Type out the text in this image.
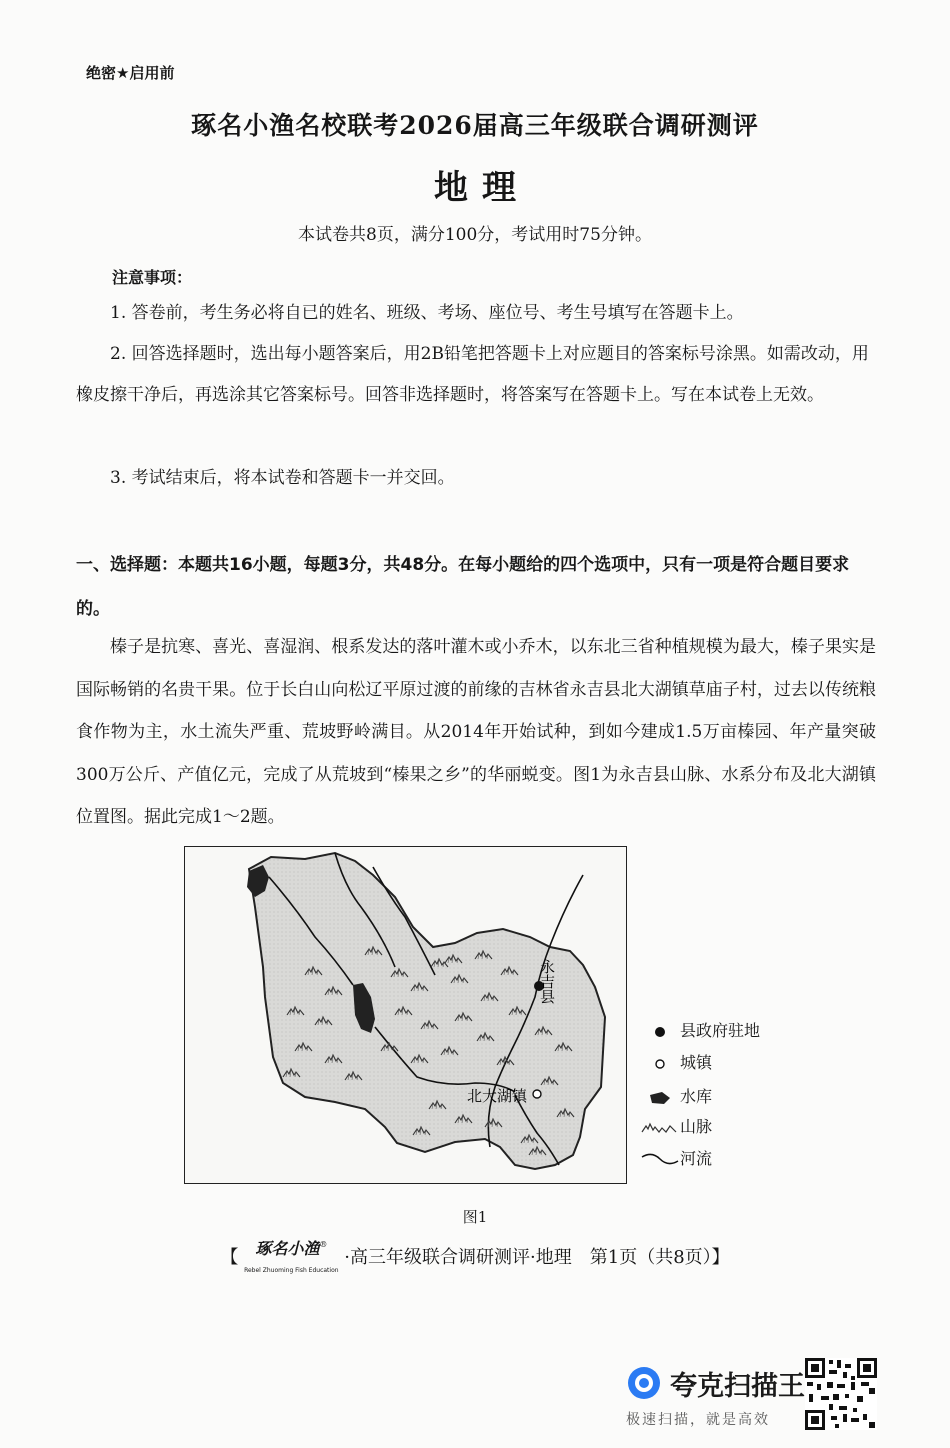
绝密★启用前
琢名小渔名校联考2026届高三年级联合调研测评
地理
本试卷共8页，满分100分，考试用时75分钟。
注意事项：
1. 答卷前，考生务必将自已的姓名、班级、考场、座位号、考生号填写在答题卡上。
2. 回答选择题时，选出每小题答案后，用2B铅笔把答题卡上对应题目的答案标号涂黑。如需改动，用橡皮擦干净后，再选涂其它答案标号。回答非选择题时，将答案写在答题卡上。写在本试卷上无效。
3. 考试结束后，将本试卷和答题卡一并交回。
一、选择题：本题共16小题，每题3分，共48分。在每小题给的四个选项中，只有一项是符合题目要求的。
榛子是抗寒、喜光、喜湿润、根系发达的落叶灌木或小乔木，以东北三省种植规模为最大，榛子果实是国际畅销的名贵干果。位于长白山向松辽平原过渡的前缘的吉林省永吉县北大湖镇草庙子村，过去以传统粮食作物为主，水土流失严重、荒坡野岭满目。从2014年开始试种，到如今建成1.5万亩榛园、年产量突破300万公斤、产值亿元，完成了从荒坡到“榛果之乡”的华丽蜕变。图1为永吉县山脉、水系分布及北大湖镇位置图。据此完成1～2题。
永吉县
北大湖镇
县政府驻地
城镇
水库
山脉
河流
图1
【 琢名小渔®
Rebel Zhuoming Fish Education ·高三年级联合调研测评·地理　第1页（共8页）】
夸克扫描王
极速扫描，就是高效
